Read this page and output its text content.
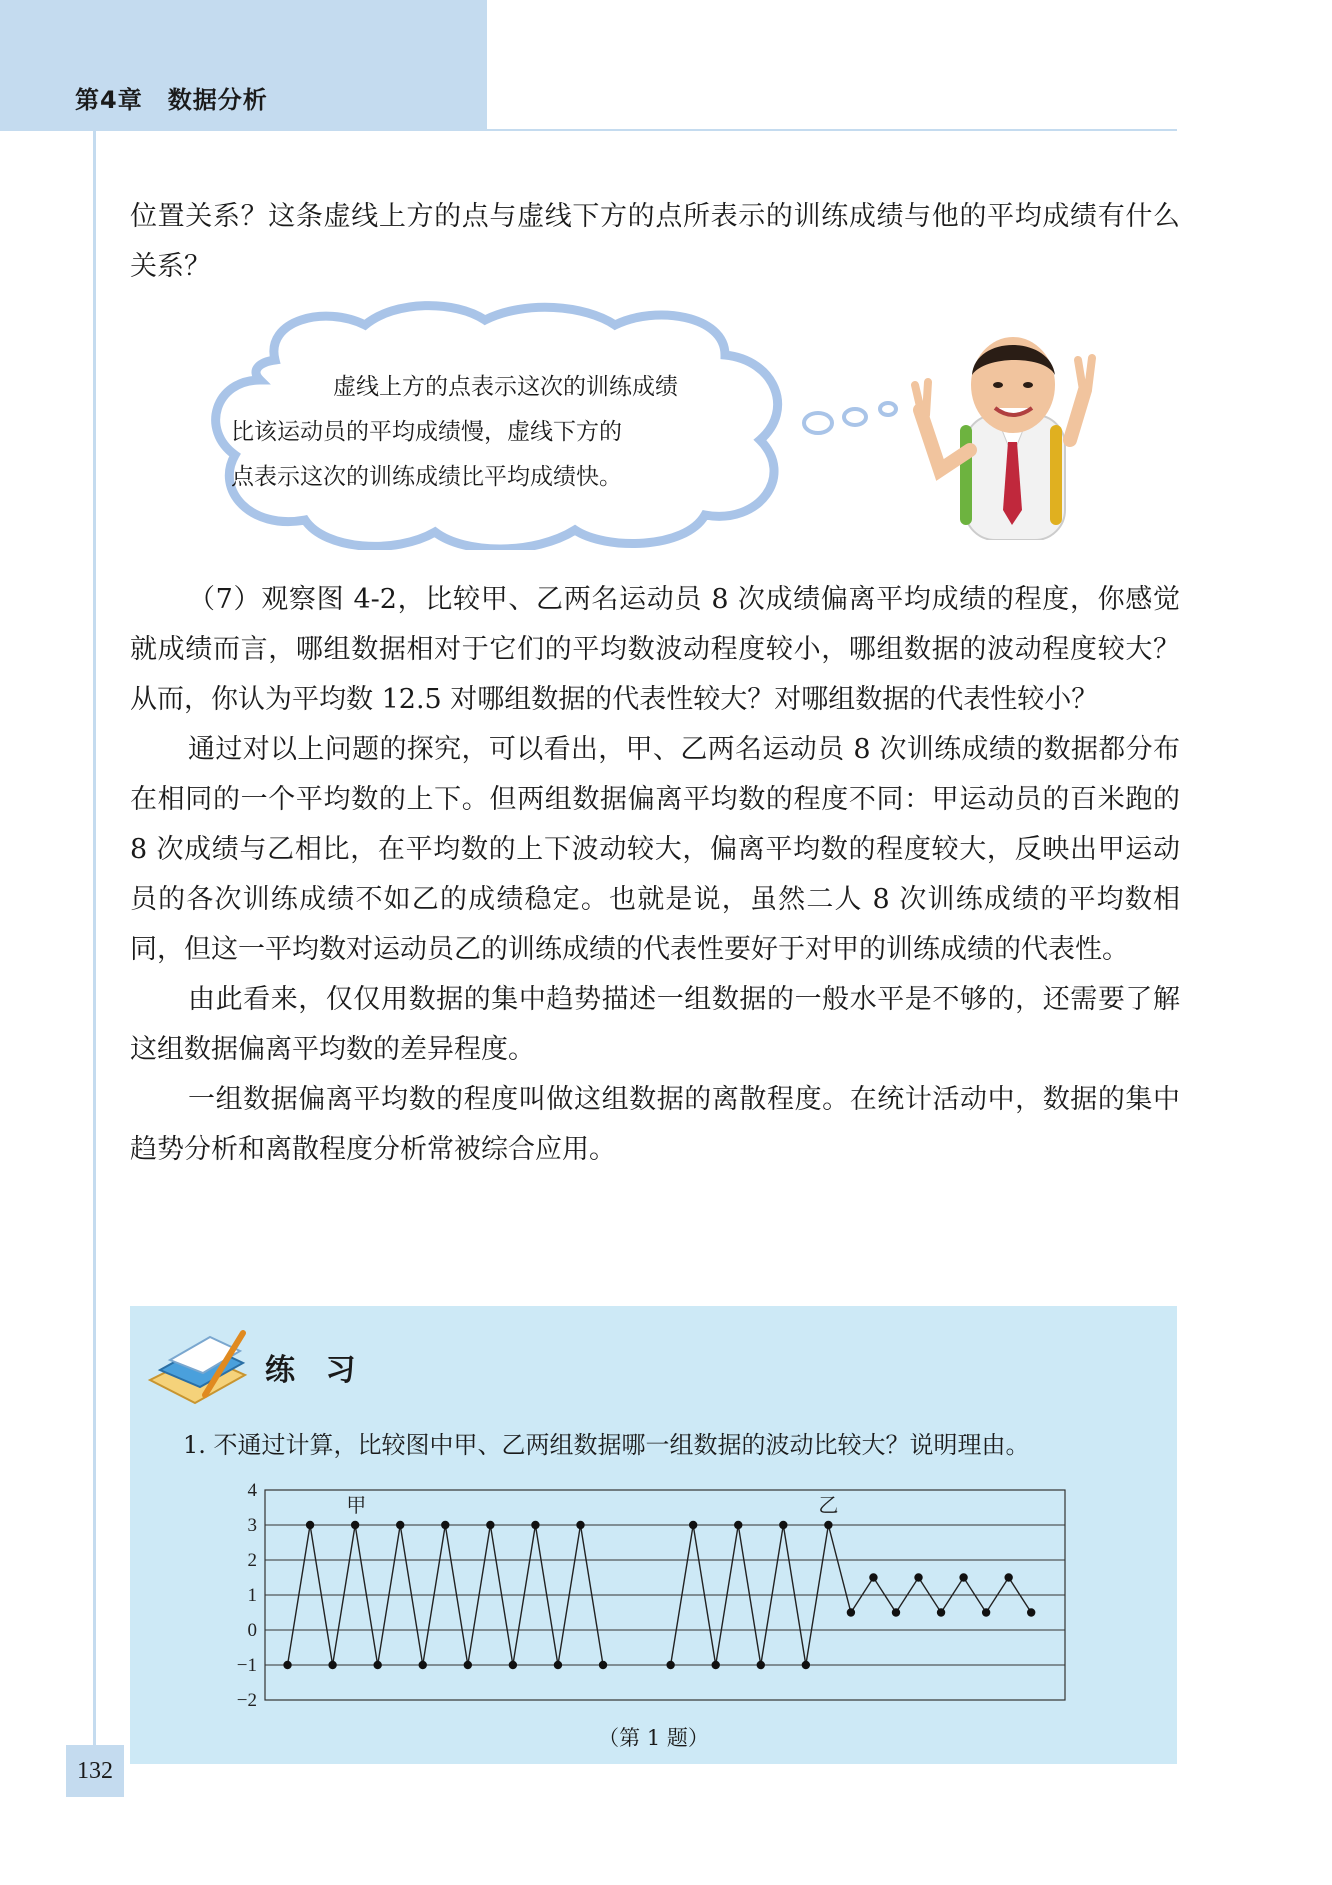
第4章　数据分析

位置关系？这条虚线上方的点与虚线下方的点所表示的训练成绩与他的平均成绩有什么关系？

虚线上方的点表示这次的训练成绩

比该运动员的平均成绩慢，虚线下方的

点表示这次的训练成绩比平均成绩快。

（7）观察图 4-2，比较甲、乙两名运动员 8 次成绩偏离平均成绩的程度，你感觉就成绩而言，哪组数据相对于它们的平均数波动程度较小，哪组数据的波动程度较大？从而，你认为平均数 12.5 对哪组数据的代表性较大？对哪组数据的代表性较小？

通过对以上问题的探究，可以看出，甲、乙两名运动员 8 次训练成绩的数据都分布在相同的一个平均数的上下。但两组数据偏离平均数的程度不同：甲运动员的百米跑的 8 次成绩与乙相比，在平均数的上下波动较大，偏离平均数的程度较大，反映出甲运动员的各次训练成绩不如乙的成绩稳定。也就是说，虽然二人 8 次训练成绩的平均数相同，但这一平均数对运动员乙的训练成绩的代表性要好于对甲的训练成绩的代表性。

由此看来，仅仅用数据的集中趋势描述一组数据的一般水平是不够的，还需要了解这组数据偏离平均数的差异程度。

一组数据偏离平均数的程度叫做这组数据的离散程度。在统计活动中，数据的集中趋势分析和离散程度分析常被综合应用。

练 习
1. 不通过计算，比较图中甲、乙两组数据哪一组数据的波动比较大？说明理由。
4
3
2
1
0
−1
−2
甲	乙
（第 1 题）
132
